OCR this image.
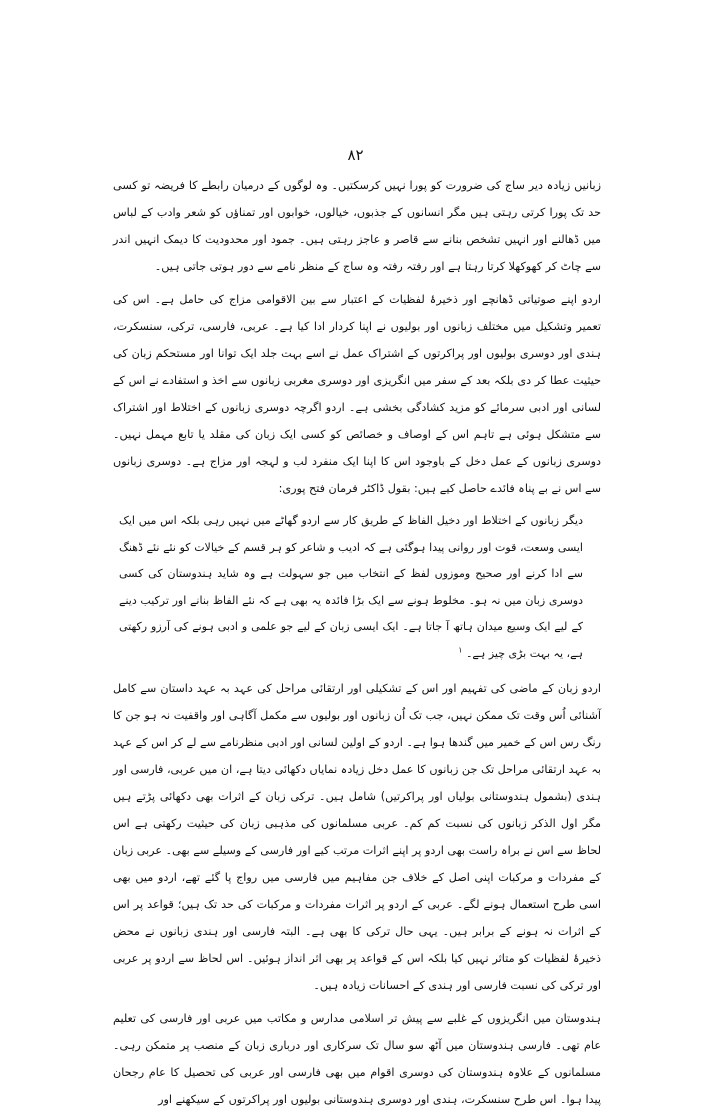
۸۲

زبانیں زیادہ دیر ساج کی ضرورت کو پورا نہیں کرسکتیں۔ وہ لوگوں کے درمیان رابطے کا فریضہ تو کسی حد تک پورا کرتی رہتی ہیں مگر انسانوں کے جذبوں، خیالوں، خوابوں اور تمناؤں کو شعر وادب کے لباس میں ڈھالنے اور انہیں تشخص بنانے سے قاصر و عاجز رہتی ہیں۔ جمود اور محدودیت کا دیمک انہیں اندر سے چاٹ کر کھوکھلا کرتا رہتا ہے اور رفتہ رفتہ وہ ساج کے منظر نامے سے دور ہوتی جاتی ہیں۔

اردو اپنے صوتیاتی ڈھانچے اور ذخیرۂ لفظیات کے اعتبار سے بین الاقوامی مزاج کی حامل ہے۔ اس کی تعمیر وتشکیل میں مختلف زبانوں اور بولیوں نے اپنا کردار ادا کیا ہے۔ عربی، فارسی، ترکی، سنسکرت، ہندی اور دوسری بولیوں اور پراکرتوں کے اشتراک عمل نے اسے بہت جلد ایک توانا اور مستحکم زبان کی حیثیت عطا کر دی بلکہ بعد کے سفر میں انگریزی اور دوسری مغربی زبانوں سے اخذ و استفادے نے اس کے لسانی اور ادبی سرمائے کو مزید کشادگی بخشی ہے۔ اردو اگرچہ دوسری زبانوں کے اختلاط اور اشتراک سے متشکل ہوئی ہے تاہم اس کے اوصاف و خصائص کو کسی ایک زبان کی مقلد یا تابع مہمل نہیں۔ دوسری زبانوں کے عمل دخل کے باوجود اس کا اپنا ایک منفرد لب و لہجہ اور مزاج ہے۔ دوسری زبانوں سے اس نے بے پناہ فائدے حاصل کیے ہیں: بقول ڈاکٹر فرمان فتح پوری:

دیگر زبانوں کے اختلاط اور دخیل الفاظ کے طریق کار سے اردو گھاٹے میں نہیں رہی بلکہ اس میں ایک ایسی وسعت، قوت اور روانی پیدا ہوگئی ہے کہ ادیب و شاعر کو ہر قسم کے خیالات کو نئے نئے ڈھنگ سے ادا کرنے اور صحیح وموزوں لفظ کے انتخاب میں جو سہولت ہے وہ شاید ہندوستان کی کسی دوسری زبان میں نہ ہو۔ مخلوط ہونے سے ایک بڑا فائدہ یہ بھی ہے کہ نئے الفاظ بنانے اور ترکیب دینے کے لیے ایک وسیع میدان ہاتھ آ جاتا ہے۔ ایک ایسی زبان کے لیے جو علمی و ادبی ہونے کی آرزو رکھتی ہے، یہ بہت بڑی چیز ہے۔ $^۱$

اردو زبان کے ماضی کی تفہیم اور اس کے تشکیلی اور ارتقائی مراحل کی عہد بہ عہد داستان سے کامل آشنائی اُس وقت تک ممکن نہیں، جب تک اُن زبانوں اور بولیوں سے مکمل آگاہی اور واقفیت نہ ہو جن کا رنگ رس اس کے خمیر میں گندھا ہوا ہے۔ اردو کے اولین لسانی اور ادبی منظرنامے سے لے کر اس کے عہد بہ عہد ارتقائی مراحل تک جن زبانوں کا عمل دخل زیادہ نمایاں دکھائی دیتا ہے، ان میں عربی، فارسی اور ہندی (بشمول ہندوستانی بولیاں اور پراکرتیں) شامل ہیں۔ ترکی زبان کے اثرات بھی دکھائی پڑتے ہیں مگر اول الذکر زبانوں کی نسبت کم کم۔ عربی مسلمانوں کی مذہبی زبان کی حیثیت رکھتی ہے اس لحاظ سے اس نے براہ راست بھی اردو پر اپنے اثرات مرتب کیے اور فارسی کے وسیلے سے بھی۔ عربی زبان کے مفردات و مرکبات اپنی اصل کے خلاف جن مفاہیم میں فارسی میں رواج پا گئے تھے، اردو میں بھی اسی طرح استعمال ہونے لگے۔ عربی کے اردو پر اثرات مفردات و مرکبات کی حد تک ہیں؛ قواعد پر اس کے اثرات نہ ہونے کے برابر ہیں۔ یہی حال ترکی کا بھی ہے۔ البتہ فارسی اور ہندی زبانوں نے محض ذخیرۂ لفظیات کو متاثر نہیں کیا بلکہ اس کے قواعد پر بھی اثر انداز ہوئیں۔ اس لحاظ سے اردو پر عربی اور ترکی کی نسبت فارسی اور ہندی کے احسانات زیادہ ہیں۔

ہندوستان میں انگریزوں کے غلبے سے پیش تر اسلامی مدارس و مکاتب میں عربی اور فارسی کی تعلیم عام تھی۔ فارسی ہندوستان میں آٹھ سو سال تک سرکاری اور درباری زبان کے منصب پر متمکن رہی۔ مسلمانوں کے علاوہ ہندوستان کی دوسری اقوام میں بھی فارسی اور عربی کی تحصیل کا عام رجحان پیدا ہوا۔ اس طرح سنسکرت، ہندی اور دوسری ہندوستانی بولیوں اور پراکرتوں کے سیکھنے اور
